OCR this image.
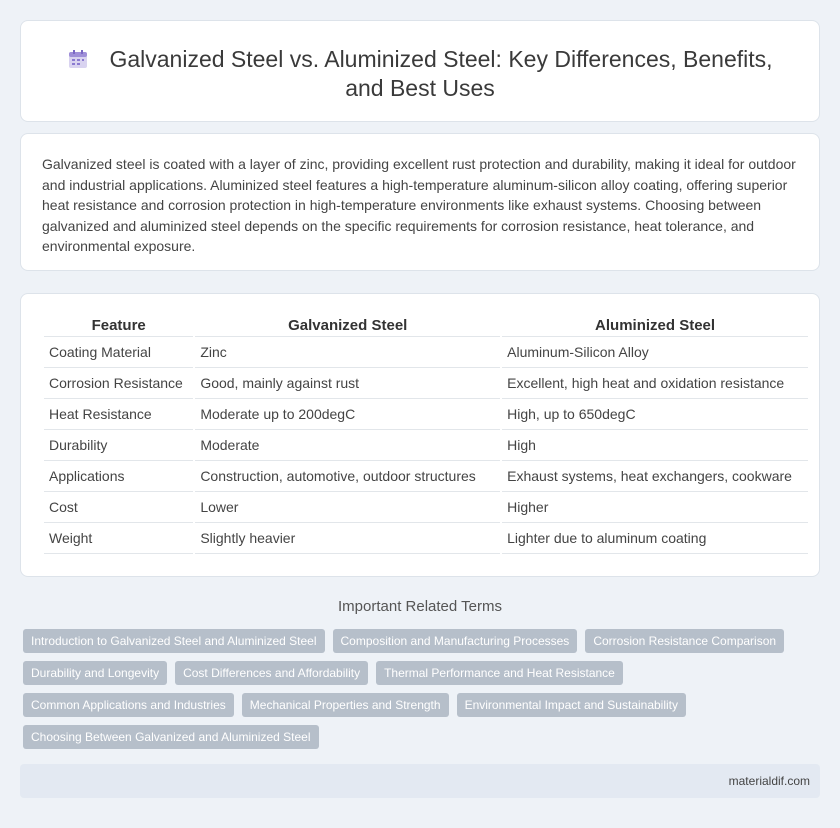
Galvanized Steel vs. Aluminized Steel: Key Differences, Benefits, and Best Uses

Galvanized steel is coated with a layer of zinc, providing excellent rust protection and durability, making it ideal for outdoor and industrial applications. Aluminized steel features a high-temperature aluminum-silicon alloy coating, offering superior heat resistance and corrosion protection in high-temperature environments like exhaust systems. Choosing between galvanized and aluminized steel depends on the specific requirements for corrosion resistance, heat tolerance, and environmental exposure.

Feature	Galvanized Steel	Aluminized Steel
Coating Material	Zinc	Aluminum-Silicon Alloy
Corrosion Resistance	Good, mainly against rust	Excellent, high heat and oxidation resistance
Heat Resistance	Moderate up to 200degC	High, up to 650degC
Durability	Moderate	High
Applications	Construction, automotive, outdoor structures	Exhaust systems, heat exchangers, cookware
Cost	Lower	Higher
Weight	Slightly heavier	Lighter due to aluminum coating
Important Related Terms
Introduction to Galvanized Steel and Aluminized Steel	Composition and Manufacturing Processes	Corrosion Resistance Comparison
Durability and Longevity	Cost Differences and Affordability	Thermal Performance and Heat Resistance
Common Applications and Industries	Mechanical Properties and Strength	Environmental Impact and Sustainability
Choosing Between Galvanized and Aluminized Steel
materialdif.com
